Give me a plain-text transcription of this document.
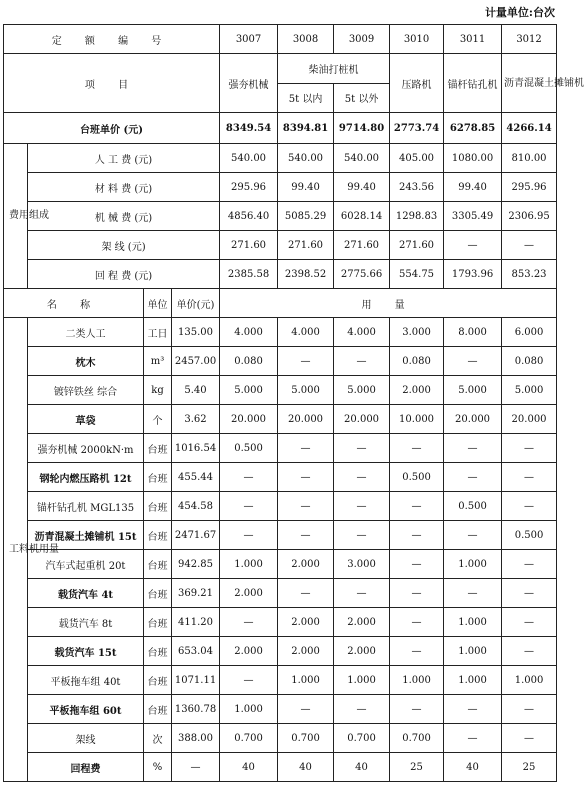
计量单位:台次
定 额 编 号				3007	3008	3009	3010	3011	3012
项 目				强夯机械	柴油打桩机		压路机	锚杆钻孔机	沥青混凝土摊铺机
					5t 以内	5t 以外			
台班单价 (元)				8349.54	8394.81	9714.80	2773.74	6278.85	4266.14
费用组成	人 工 费 (元)			540.00	540.00	540.00	405.00	1080.00	810.00
	材 料 费 (元)			295.96	99.40	99.40	243.56	99.40	295.96
	机 械 费 (元)			4856.40	5085.29	6028.14	1298.83	3305.49	2306.95
	架 线 (元)			271.60	271.60	271.60	271.60	—	—
	回 程 费 (元)			2385.58	2398.52	2775.66	554.75	1793.96	853.23
名 称		单位	单价(元)	用 量					
工料机用量	二类人工	工日	135.00	4.000	4.000	4.000	3.000	8.000	6.000
	枕木	m³	2457.00	0.080	—	—	0.080	—	0.080
	镀锌铁丝 综合	kg	5.40	5.000	5.000	5.000	2.000	5.000	5.000
	草袋	个	3.62	20.000	20.000	20.000	10.000	20.000	20.000
	强夯机械 2000kN·m	台班	1016.54	0.500	—	—	—	—	—
	钢轮内燃压路机 12t	台班	455.44	—	—	—	0.500	—	—
	锚杆钻孔机 MGL135	台班	454.58	—	—	—	—	0.500	—
	沥青混凝土摊铺机 15t	台班	2471.67	—	—	—	—	—	0.500
	汽车式起重机 20t	台班	942.85	1.000	2.000	3.000	—	1.000	—
	载货汽车 4t	台班	369.21	2.000	—	—	—	—	—
	载货汽车 8t	台班	411.20	—	2.000	2.000	—	1.000	—
	载货汽车 15t	台班	653.04	2.000	2.000	2.000	—	1.000	—
	平板拖车组 40t	台班	1071.11	—	1.000	1.000	1.000	1.000	1.000
	平板拖车组 60t	台班	1360.78	1.000	—	—	—	—	—
	架线	次	388.00	0.700	0.700	0.700	0.700	—	—
	回程费	%	—	40	40	40	25	40	25
